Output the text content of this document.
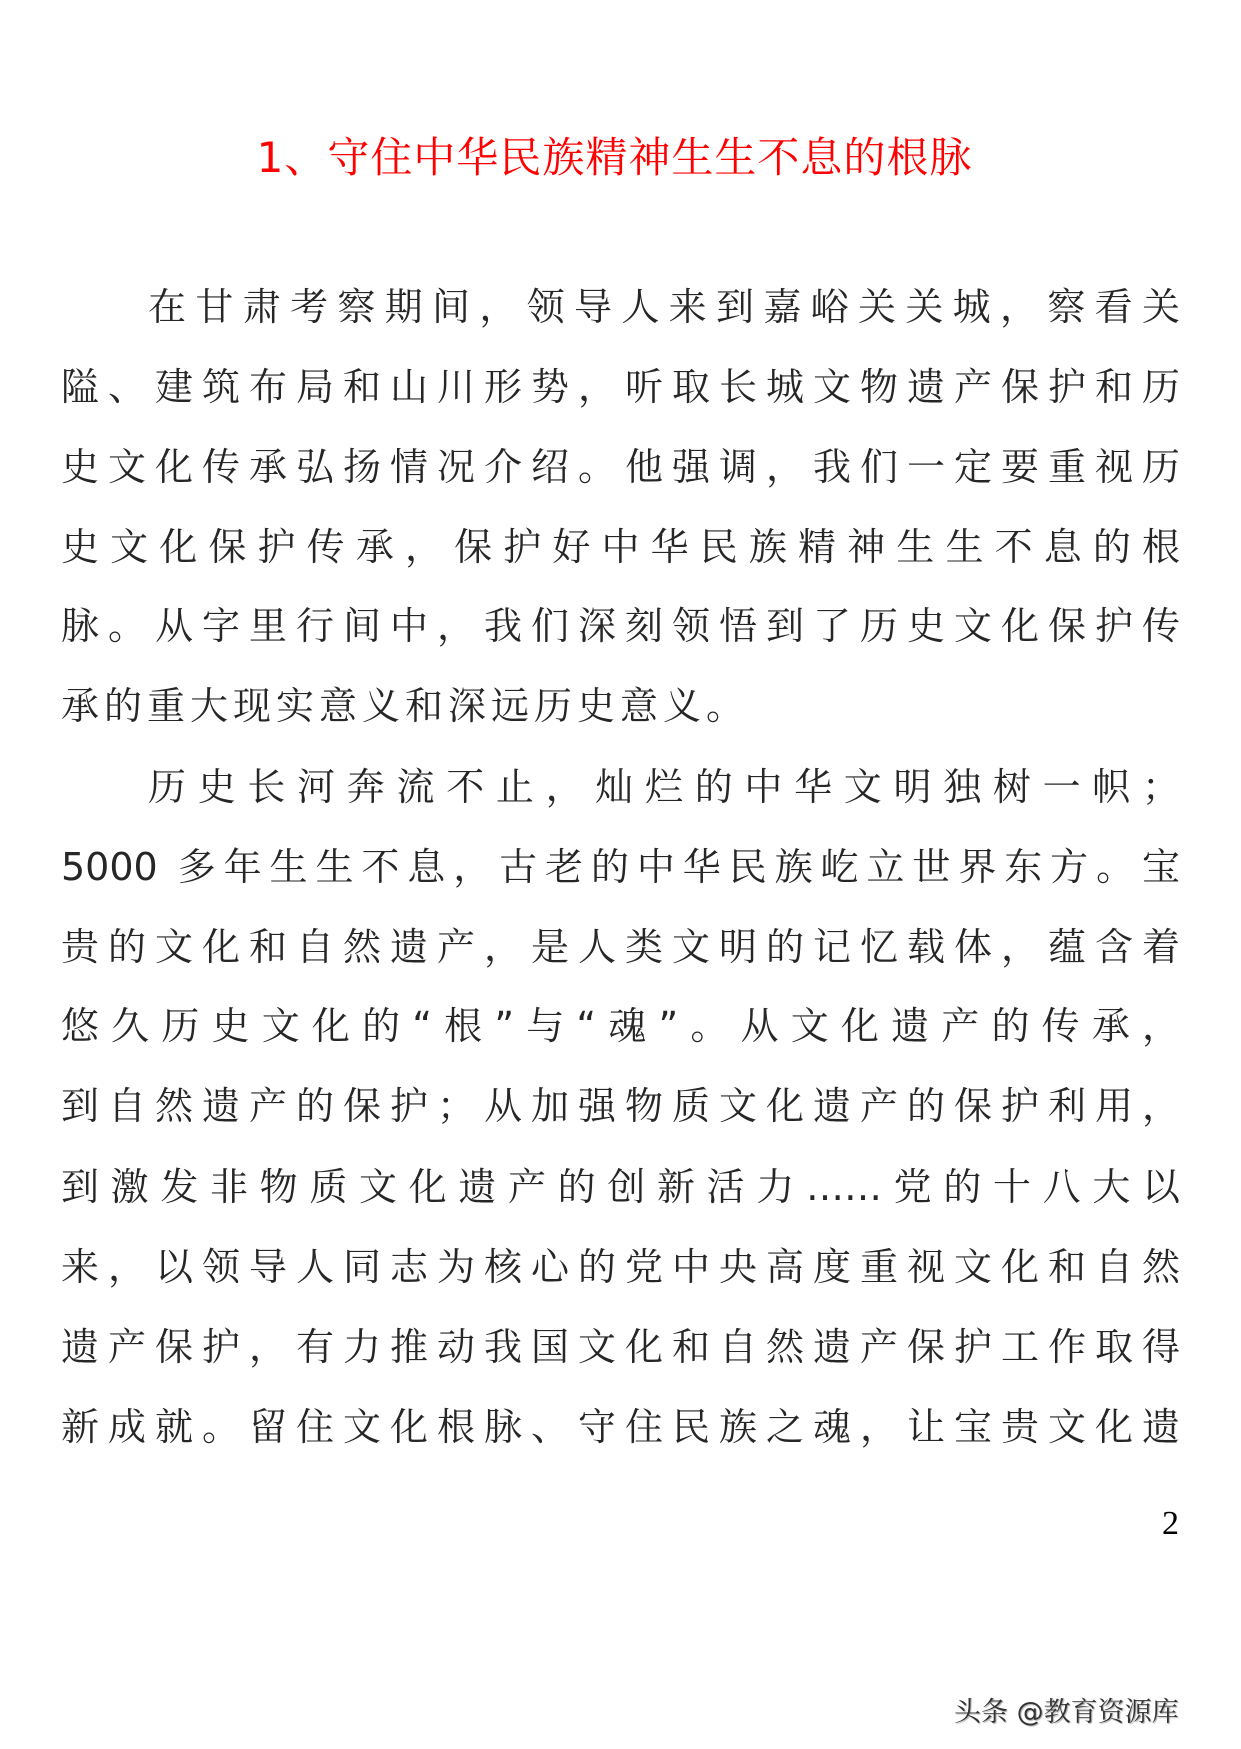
1、守住中华民族精神生生不息的根脉
在甘肃考察期间，领导人来到嘉峪关关城，察看关
隘、建筑布局和山川形势，听取长城文物遗产保护和历
史文化传承弘扬情况介绍。他强调，我们一定要重视历
史文化保护传承，保护好中华民族精神生生不息的根
脉。从字里行间中，我们深刻领悟到了历史文化保护传
承的重大现实意义和深远历史意义。
历史长河奔流不止，灿烂的中华文明独树一帜；
5000 多年生生不息，古老的中华民族屹立世界东方。宝
贵的文化和自然遗产，是人类文明的记忆载体，蕴含着
悠久历史文化的“根”与“魂”。从文化遗产的传承，
到自然遗产的保护；从加强物质文化遗产的保护利用，
到激发非物质文化遗产的创新活力……党的十八大以
来，以领导人同志为核心的党中央高度重视文化和自然
遗产保护，有力推动我国文化和自然遗产保护工作取得
新成就。留住文化根脉、守住民族之魂，让宝贵文化遗
2
头条 @教育资源库
